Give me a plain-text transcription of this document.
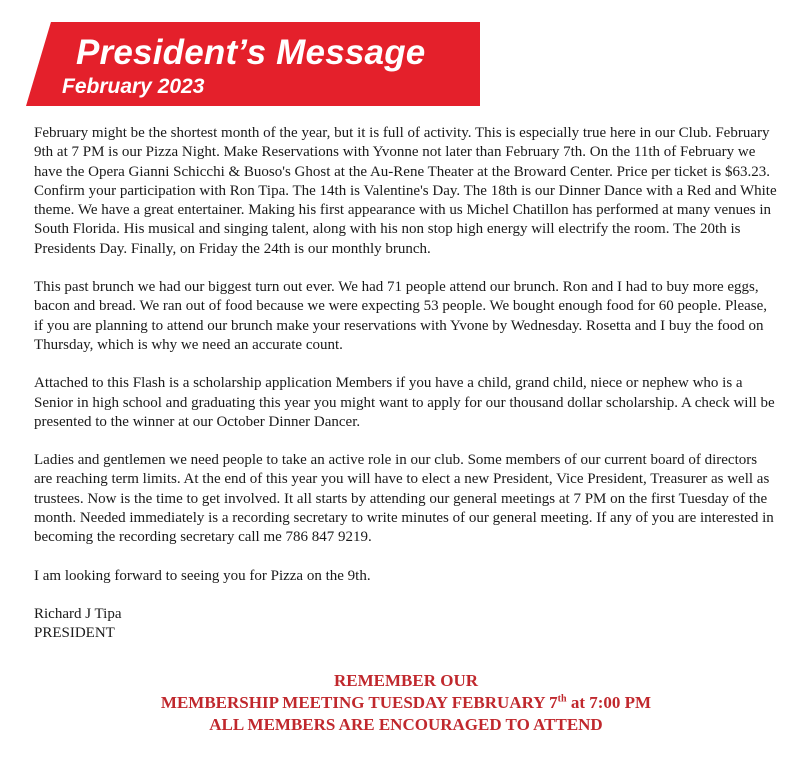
President’s Message
February 2023

February might be the shortest month of the year, but it is full of activity. This is especially true here in our Club. February 9th at 7 PM is our Pizza Night. Make Reservations with Yvonne not later than February 7th. On the 11th of February we have the Opera Gianni Schicchi & Buoso's Ghost at the Au-Rene Theater at the Broward Center. Price per ticket is $63.23. Confirm your participation with Ron Tipa. The 14th is Valentine's Day. The 18th is our Dinner Dance with a Red and White theme. We have a great entertainer. Making his first appearance with us Michel Chatillon has performed at many venues in South Florida. His musical and singing talent, along with his non stop high energy will electrify the room. The 20th is Presidents Day. Finally, on Friday the 24th is our monthly brunch.

This past brunch we had our biggest turn out ever. We had 71 people attend our brunch. Ron and I had to buy more eggs, bacon and bread. We ran out of food because we were expecting 53 people. We bought enough food for 60 people. Please, if you are planning to attend our brunch make your reservations with Yvone by Wednesday. Rosetta and I buy the food on Thursday, which is why we need an accurate count.

Attached to this Flash is a scholarship application Members if you have a child, grand child, niece or nephew who is a Senior in high school and graduating this year you might want to apply for our thousand dollar scholarship. A check will be presented to the winner at our October Dinner Dancer.

Ladies and gentlemen we need people to take an active role in our club. Some members of our current board of directors are reaching term limits. At the end of this year you will have to elect a new President, Vice President, Treasurer as well as trustees. Now is the time to get involved. It all starts by attending our general meetings at 7 PM on the first Tuesday of the month. Needed immediately is a recording secretary to write minutes of our general meeting. If any of you are interested in becoming the recording secretary call me 786 847 9219.

I am looking forward to seeing you for Pizza on the 9th.

Richard J Tipa
PRESIDENT
REMEMBER OUR
MEMBERSHIP MEETING TUESDAY FEBRUARY 7th at 7:00 PM
ALL MEMBERS ARE ENCOURAGED TO ATTEND
